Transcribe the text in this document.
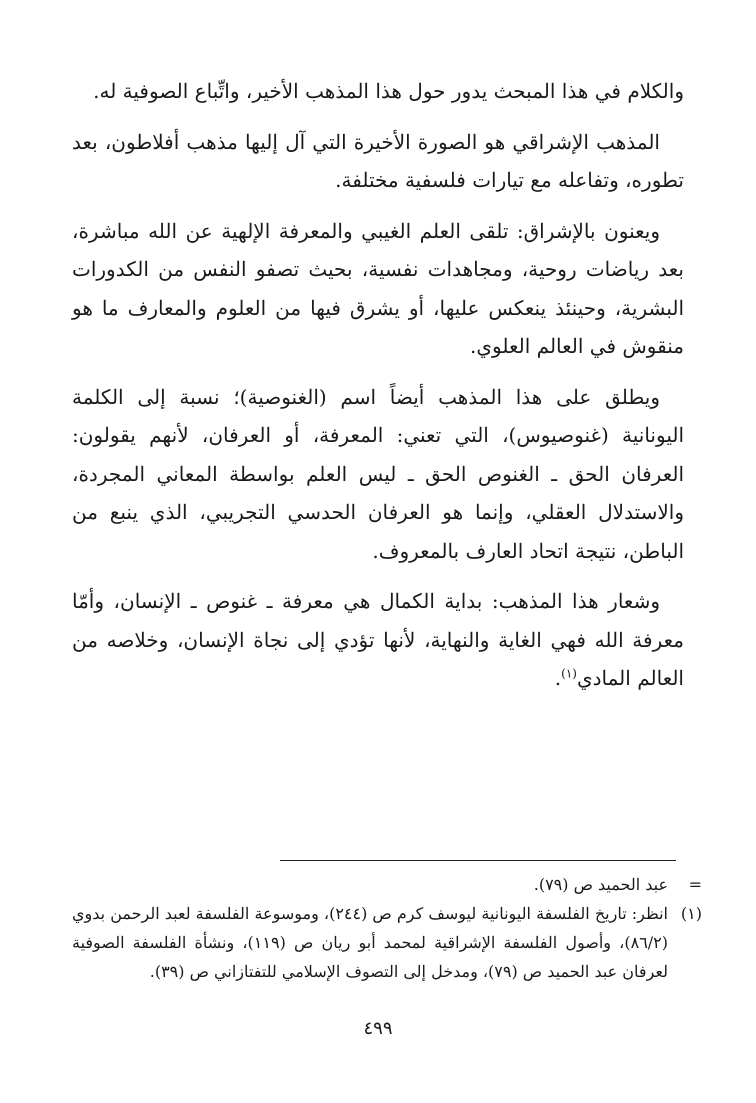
والكلام في هذا المبحث يدور حول هذا المذهب الأخير، واتِّباع الصوفية له.

المذهب الإشراقي هو الصورة الأخيرة التي آل إليها مذهب أفلاطون، بعد تطوره، وتفاعله مع تيارات فلسفية مختلفة.

ويعنون بالإشراق: تلقى العلم الغيبي والمعرفة الإلهية عن الله مباشرة، بعد رياضات روحية، ومجاهدات نفسية، بحيث تصفو النفس من الكدورات البشرية، وحينئذ ينعكس عليها، أو يشرق فيها من العلوم والمعارف ما هو منقوش في العالم العلوي.

ويطلق على هذا المذهب أيضاً اسم (الغنوصية)؛ نسبة إلى الكلمة اليونانية (غنوصيوس)، التي تعني: المعرفة، أو العرفان، لأنهم يقولون: العرفان الحق ـ الغنوص الحق ـ ليس العلم بواسطة المعاني المجردة، والاستدلال العقلي، وإنما هو العرفان الحدسي التجريبي، الذي ينبع من الباطن، نتيجة اتحاد العارف بالمعروف.

وشعار هذا المذهب: بداية الكمال هي معرفة ـ غنوص ـ الإنسان، وأمّا معرفة الله فهي الغاية والنهاية، لأنها تؤدي إلى نجاة الإنسان، وخلاصه من العالم المادي$^{(١)}$.

=

عبد الحميد ص (٧٩).

(١)

انظر: تاريخ الفلسفة اليونانية ليوسف كرم ص (٢٤٤)، وموسوعة الفلسفة لعبد الرحمن بدوي (٨٦/٢)، وأصول الفلسفة الإشراقية لمحمد أبو ريان ص (١١٩)، ونشأة الفلسفة الصوفية لعرفان عبد الحميد ص (٧٩)، ومدخل إلى التصوف الإسلامي للتفتازاني ص (٣٩).

٤٩٩
